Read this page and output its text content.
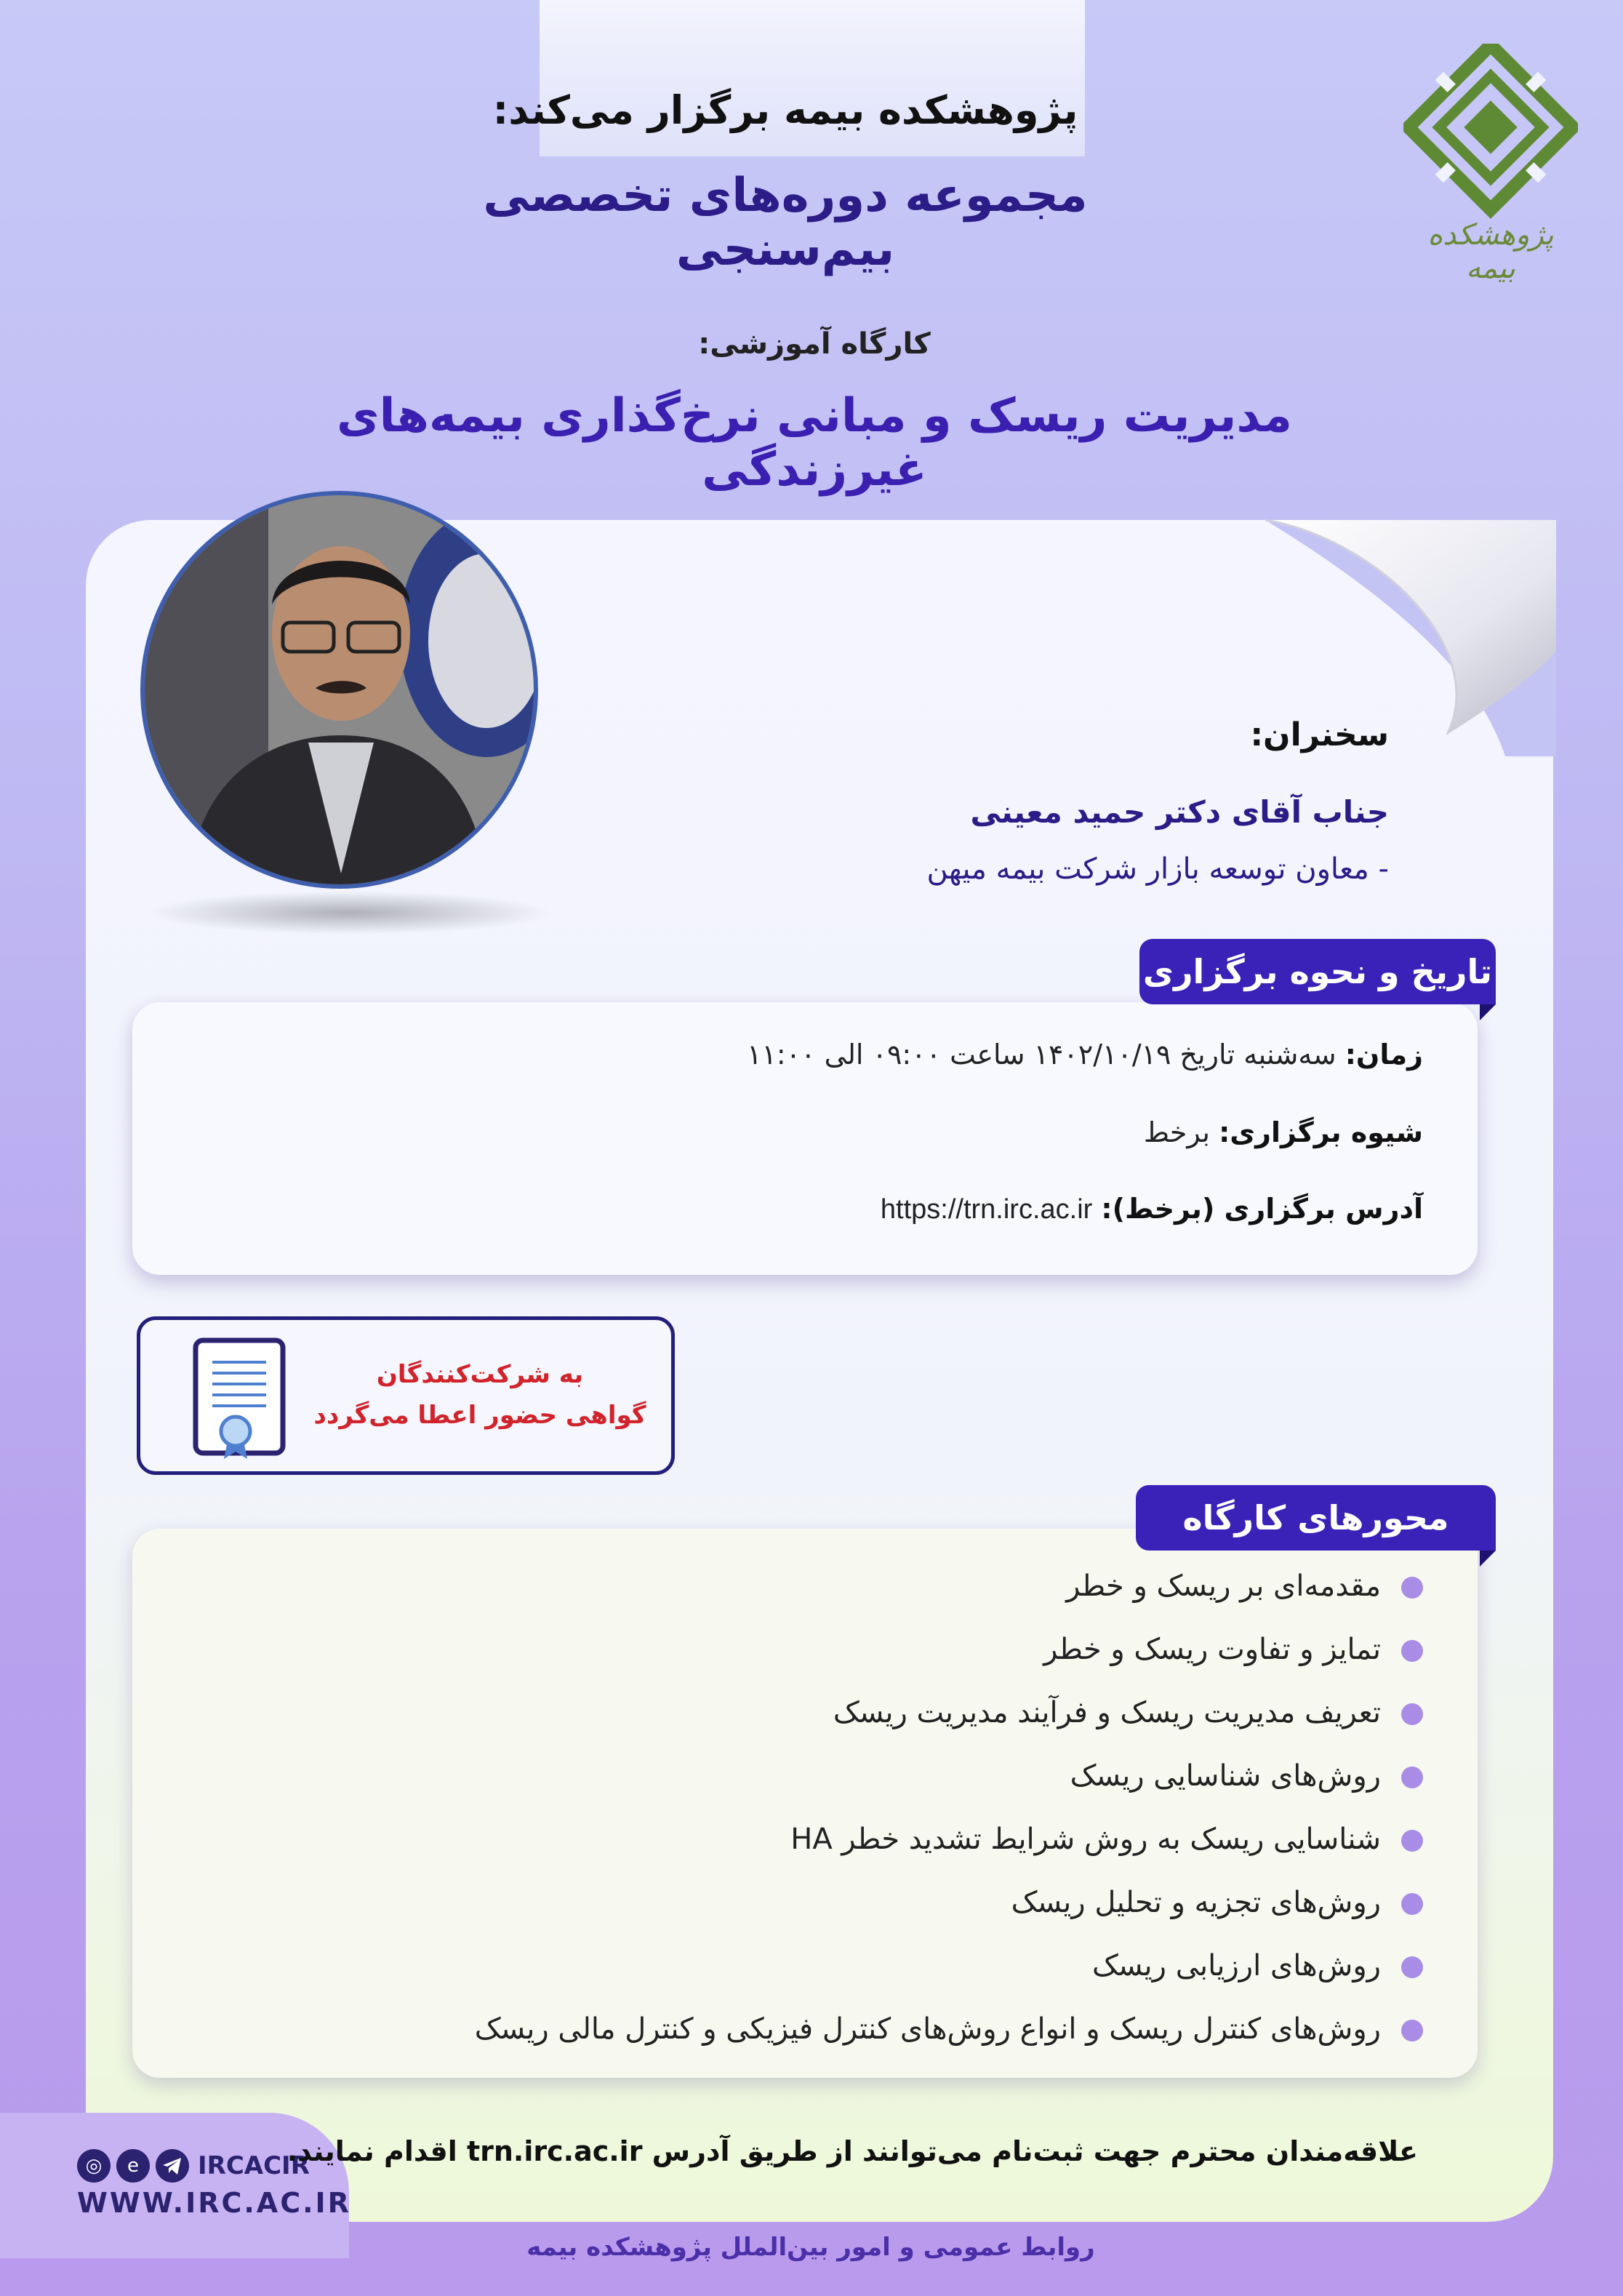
پژوهشکده بیمه برگزار می‌کند:
مجموعه دوره‌های تخصصی بیم‌سنجی	پژوهشکده بیمه
کارگاه آموزشی:
مدیریت ریسک و مبانی نرخ‌گذاری بیمه‌های غیرزندگی
سخنران:
جناب آقای دکتر حمید معینی
- معاون توسعه بازار شرکت بیمه میهن
تاریخ و نحوه برگزاری
زمان: سه‌شنبه تاریخ ۱۴۰۲/۱۰/۱۹ ساعت ۰۹:۰۰ الی ۱۱:۰۰
شیوه برگزاری: برخط
آدرس برگزاری (برخط): https://trn.irc.ac.ir
به شرکت‌کنندگان
گواهی حضور اعطا می‌گردد
محورهای کارگاه
مقدمه‌ای بر ریسک و خطر
تمایز و تفاوت ریسک و خطر
تعریف مدیریت ریسک و فرآیند مدیریت ریسک
روش‌های شناسایی ریسک
شناسایی ریسک به روش شرایط تشدید خطر HA
روش‌های تجزیه و تحلیل ریسک
روش‌های ارزیابی ریسک
روش‌های کنترل ریسک و انواع روش‌های کنترل فیزیکی و کنترل مالی ریسک
◎	e	IRCACIR
WWW.IRC.AC.IR
علاقه‌مندان محترم جهت ثبت‌نام می‌توانند از طریق آدرس trn.irc.ac.ir اقدام نمایند.
روابط عمومی و امور بین‌الملل پژوهشکده بیمه
